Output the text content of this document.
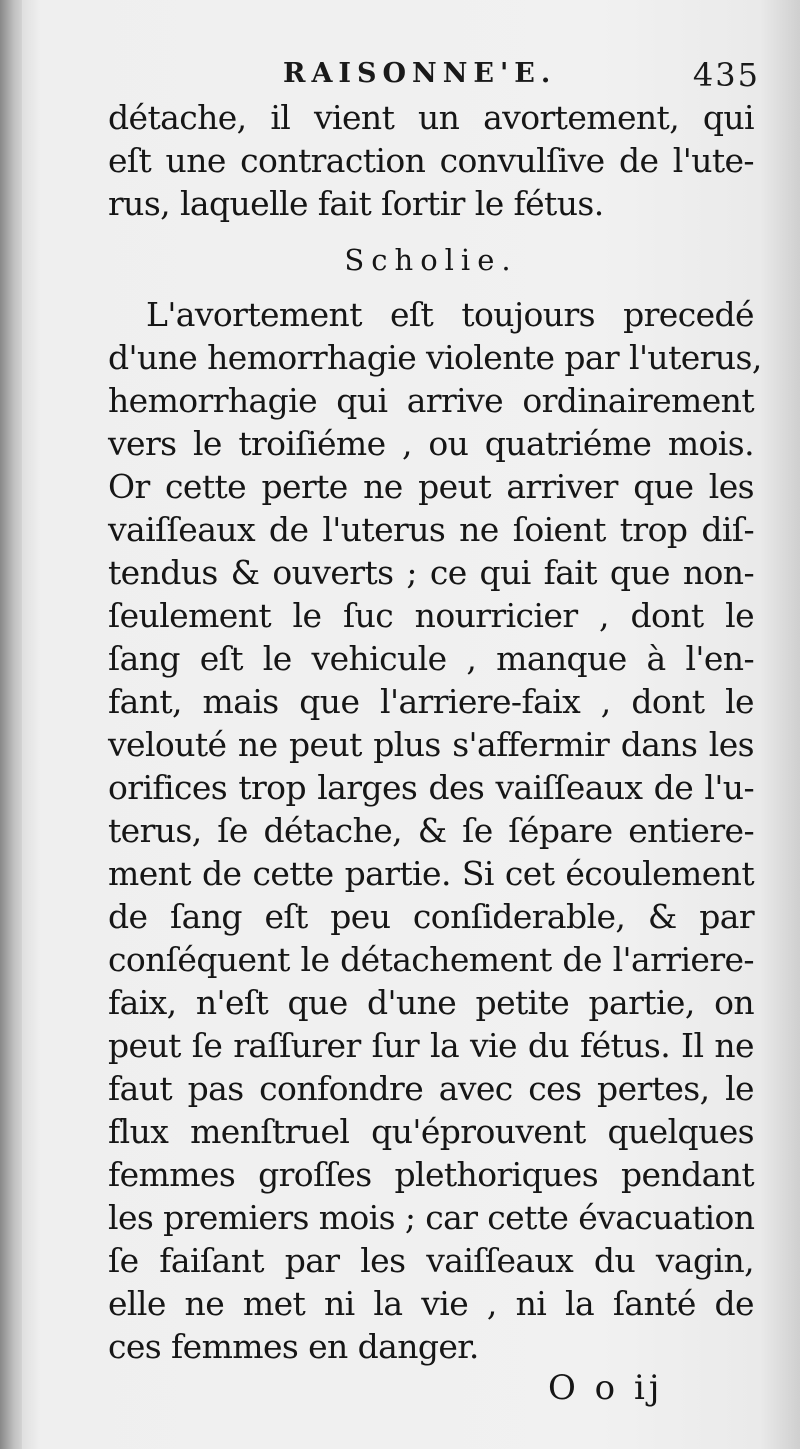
RAISONNE'E.	435
détache, il vient un avortement, qui
eſt une contraction convulſive de l'ute-
rus, laquelle fait ſortir le fétus.
Scholie.
L'avortement eſt toujours precedé
d'une hemorrhagie violente par l'uterus,
hemorrhagie qui arrive ordinairement
vers le troiſiéme , ou quatriéme mois.
Or cette perte ne peut arriver que les
vaiſſeaux de l'uterus ne ſoient trop diſ-
tendus & ouverts ; ce qui fait que non-
ſeulement le ſuc nourricier , dont le
ſang eſt le vehicule , manque à l'en-
fant, mais que l'arriere-faix , dont le
velouté ne peut plus s'affermir dans les
orifices trop larges des vaiſſeaux de l'u-
terus, ſe détache, & ſe ſépare entiere-
ment de cette partie. Si cet écoulement
de ſang eſt peu conſiderable, & par
conſéquent le détachement de l'arriere-
faix, n'eſt que d'une petite partie, on
peut ſe raſſurer ſur la vie du fétus. Il ne
faut pas confondre avec ces pertes, le
flux menſtruel qu'éprouvent quelques
femmes groſſes plethoriques pendant
les premiers mois ; car cette évacuation
ſe faiſant par les vaiſſeaux du vagin,
elle ne met ni la vie , ni la ſanté de
ces femmes en danger.
O o ij
